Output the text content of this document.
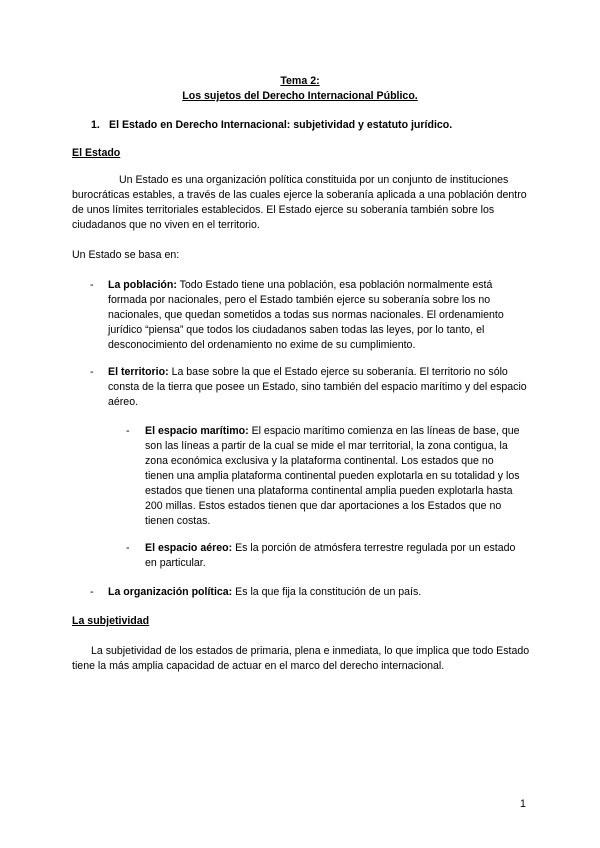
Tema 2:
Los sujetos del Derecho Internacional Público.
1. El Estado en Derecho Internacional: subjetividad y estatuto jurídico.
El Estado

Un Estado es una organización política constituida por un conjunto de instituciones burocráticas estables, a través de las cuales ejerce la soberanía aplicada a una población dentro de unos límites territoriales establecidos. El Estado ejerce su soberanía también sobre los ciudadanos que no viven en el territorio.

Un Estado se basa en:

- La población: Todo Estado tiene una población, esa población normalmente está formada por nacionales, pero el Estado también ejerce su soberanía sobre los no nacionales, que quedan sometidos a todas sus normas nacionales. El ordenamiento jurídico “piensa” que todos los ciudadanos saben todas las leyes, por lo tanto, el desconocimiento del ordenamiento no exime de su cumplimiento.

- El territorio: La base sobre la que el Estado ejerce su soberanía. El territorio no sólo consta de la tierra que posee un Estado, sino también del espacio marítimo y del espacio aéreo.

- El espacio marítimo: El espacio marítimo comienza en las líneas de base, que son las líneas a partir de la cual se mide el mar territorial, la zona contigua, la zona económica exclusiva y la plataforma continental. Los estados que no tienen una amplia plataforma continental pueden explotarla en su totalidad y los estados que tienen una plataforma continental amplia pueden explotarla hasta 200 millas. Estos estados tienen que dar aportaciones a los Estados que no tienen costas.

- El espacio aéreo: Es la porción de atmósfera terrestre regulada por un estado en particular.

- La organización política: Es la que fija la constitución de un país.

La subjetividad

La subjetividad de los estados de primaria, plena e inmediata, lo que implica que todo Estado tiene la más amplia capacidad de actuar en el marco del derecho internacional.

1
